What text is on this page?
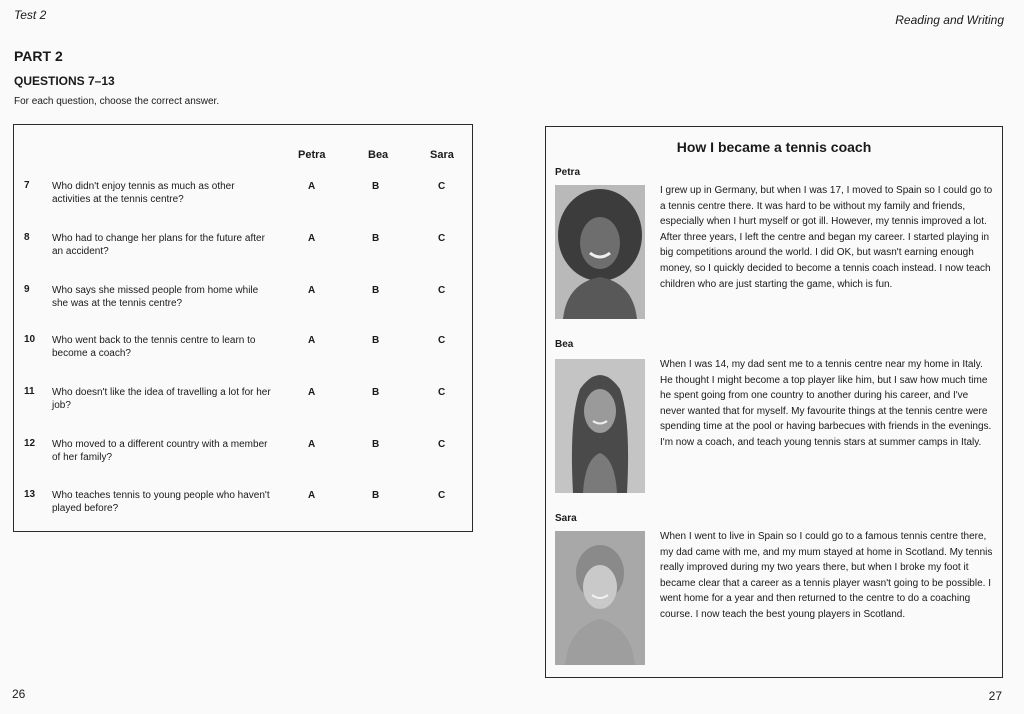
Test 2	Reading and Writing
PART 2
QUESTIONS 7–13
For each question, choose the correct answer.
Petra	Bea	Sara
7 Who didn't enjoy tennis as much as other activities at the tennis centre?
A	B	C
8 Who had to change her plans for the future after an accident?
A	B	C
9 Who says she missed people from home while she was at the tennis centre?
A	B	C
10 Who went back to the tennis centre to learn to become a coach?
A	B	C
11 Who doesn't like the idea of travelling a lot for her job?
A	B	C
12 Who moved to a different country with a member of her family?
A	B	C
13 Who teaches tennis to young people who haven't played before?
A	B	C
How I became a tennis coach
Petra
I grew up in Germany, but when I was 17, I moved to Spain so I could go to a tennis centre there. It was hard to be without my family and friends, especially when I hurt myself or got ill. However, my tennis improved a lot. After three years, I left the centre and began my career. I started playing in big competitions around the world. I did OK, but wasn't earning enough money, so I quickly decided to become a tennis coach instead. I now teach children who are just starting the game, which is fun.
Bea
When I was 14, my dad sent me to a tennis centre near my home in Italy. He thought I might become a top player like him, but I saw how much time he spent going from one country to another during his career, and I've never wanted that for myself. My favourite things at the tennis centre were spending time at the pool or having barbecues with friends in the evenings. I'm now a coach, and teach young tennis stars at summer camps in Italy.
Sara
When I went to live in Spain so I could go to a famous tennis centre there, my dad came with me, and my mum stayed at home in Scotland. My tennis really improved during my two years there, but when I broke my foot it became clear that a career as a tennis player wasn't going to be possible. I went home for a year and then returned to the centre to do a coaching course. I now teach the best young players in Scotland.
26	27
